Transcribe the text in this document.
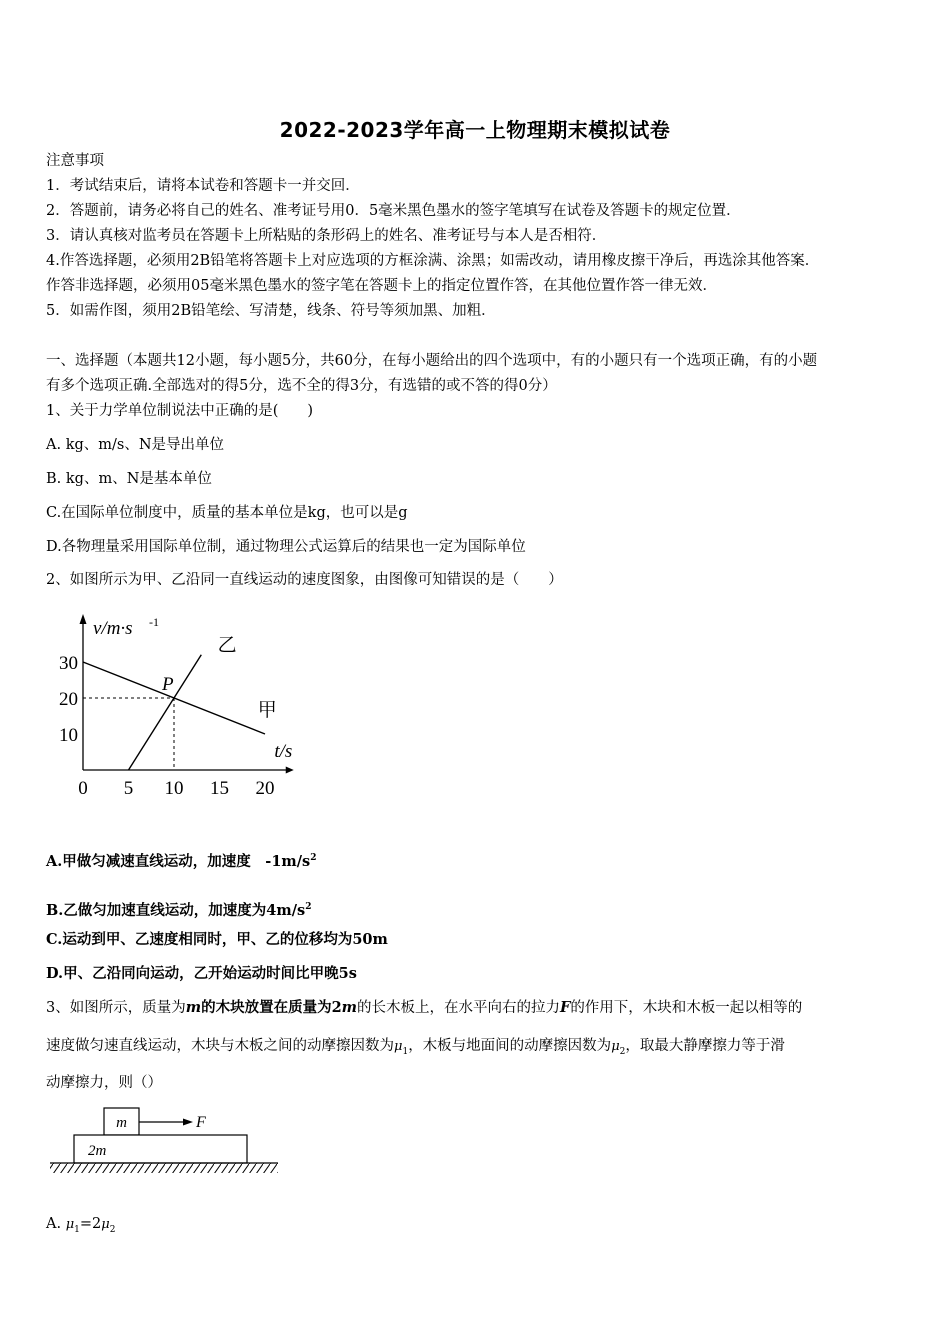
2022-2023学年高一上物理期末模拟试卷
注意事项
1．考试结束后，请将本试卷和答题卡一并交回．
2．答题前，请务必将自己的姓名、准考证号用0．5毫米黑色墨水的签字笔填写在试卷及答题卡的规定位置．
3．请认真核对监考员在答题卡上所粘贴的条形码上的姓名、准考证号与本人是否相符．
4.作答选择题，必须用2B铅笔将答题卡上对应选项的方框涂满、涂黑；如需改动，请用橡皮擦干净后，再选涂其他答案．
作答非选择题，必须用05毫米黑色墨水的签字笔在答题卡上的指定位置作答，在其他位置作答一律无效．
5．如需作图，须用2B铅笔绘、写清楚，线条、符号等须加黑、加粗．
一、选择题（本题共12小题，每小题5分，共60分，在每小题给出的四个选项中，有的小题只有一个选项正确，有的小题
有多个选项正确.全部选对的得5分，选不全的得3分，有选错的或不答的得0分）
1、关于力学单位制说法中正确的是(　　)
A. kg、m/s、N是导出单位
B. kg、m、N是基本单位
C.在国际单位制度中，质量的基本单位是kg，也可以是g
D.各物理量采用国际单位制，通过物理公式运算后的结果也一定为国际单位
2、如图所示为甲、乙沿同一直线运动的速度图象，由图像可知错误的是（　　）
0 5 10 15 20
10
20
30
甲
乙
P
v/m·s -1
t/s
A.甲做匀减速直线运动，加速度　$-1m/s^2$
B.乙做匀加速直线运动，加速度为$4m/s^2$
C.运动到甲、乙速度相同时，甲、乙的位移均为50m
D.甲、乙沿同向运动，乙开始运动时间比甲晚5s
3、如图所示，质量为m的木块放置在质量为2m的长木板上，在水平向右的拉力F的作用下，木块和木板一起以相等的
速度做匀速直线运动，木块与木板之间的动摩擦因数为$\mu_1$，木板与地面间的动摩擦因数为$\mu_2$，取最大静摩擦力等于滑
动摩擦力，则（）
m	F
2m
A. $\mu_1=2\mu_2$
